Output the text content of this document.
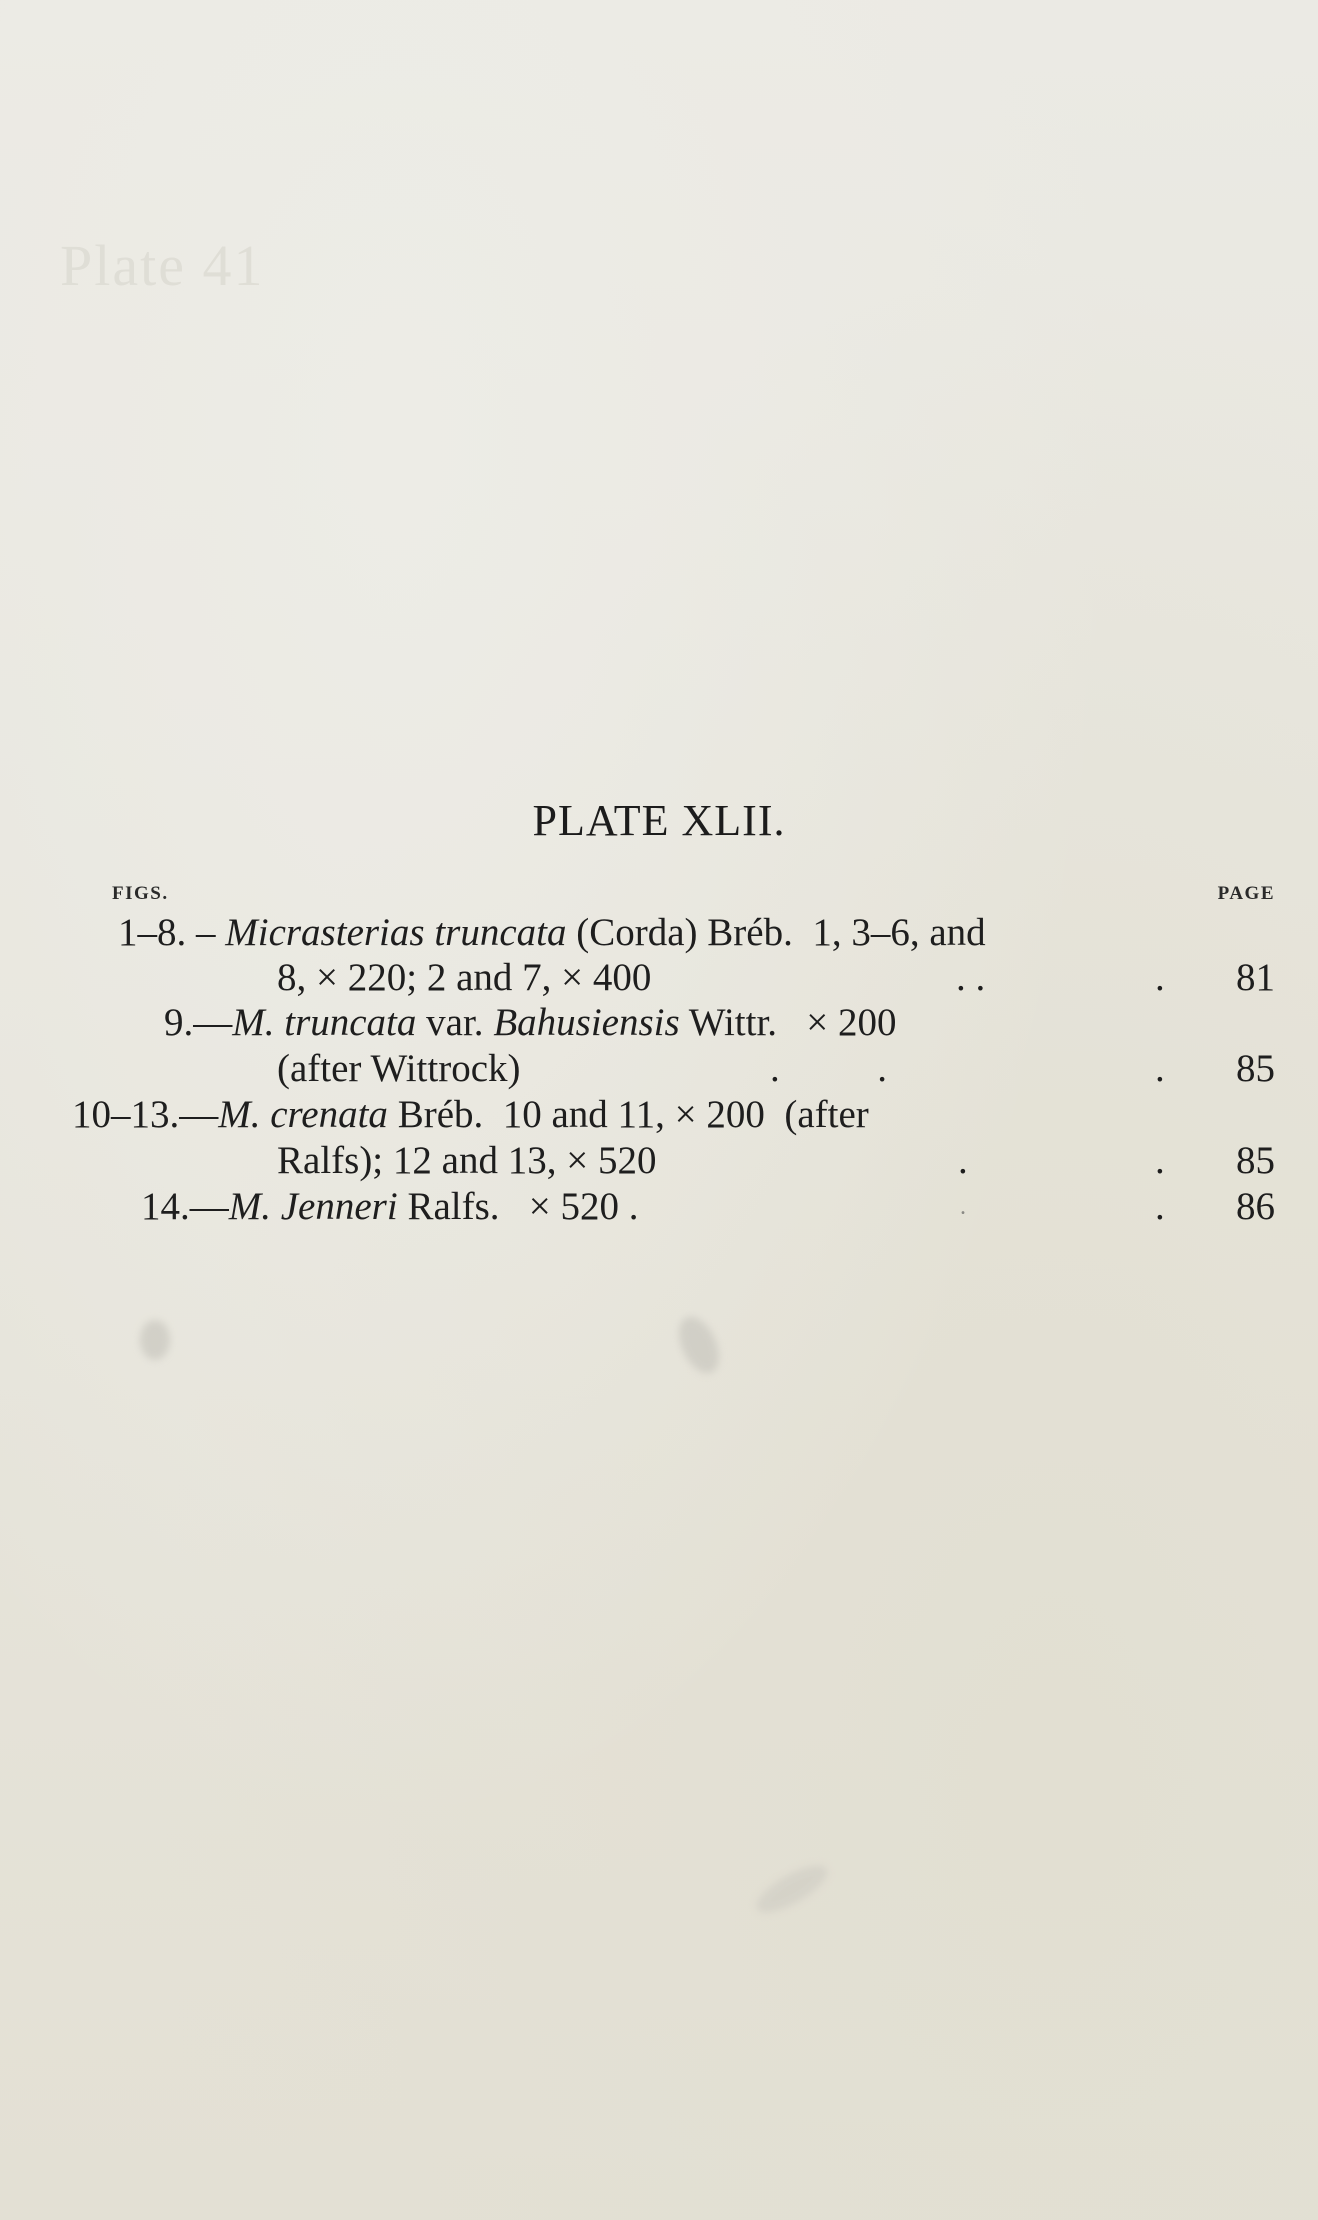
Plate 41
PLATE XLII.
FIGS.	PAGE
1–8. – Micrasterias truncata (Corda) Bréb.  1, 3–6, and
8, × 220; 2 and 7, × 400	. .	. 81
9.—M. truncata var. Bahusiensis Wittr.   × 200
(after Wittrock)	.          .	. 85
10–13.—M. crenata Bréb.  10 and 11, × 200  (after
Ralfs); 12 and 13, × 520	.	. 85
14.—M. Jenneri Ralfs.   × 520 .	.	. 86
